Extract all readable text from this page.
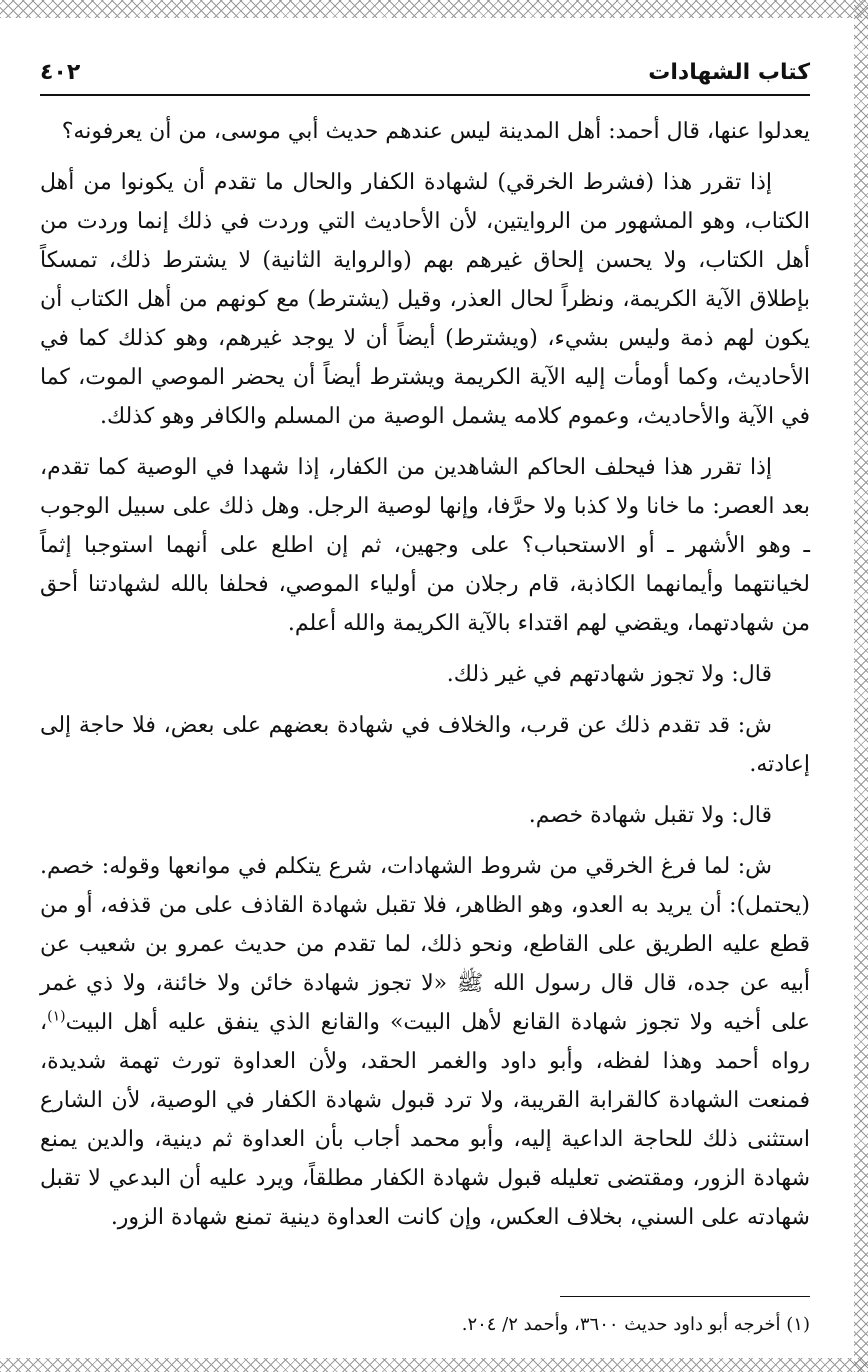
كتاب الشهادات
٤٠٢

يعدلوا عنها، قال أحمد: أهل المدينة ليس عندهم حديث أبي موسى، من أن يعرفونه؟

إذا تقرر هذا (فشرط الخرقي) لشهادة الكفار والحال ما تقدم أن يكونوا من أهل الكتاب، وهو المشهور من الروايتين، لأن الأحاديث التي وردت في ذلك إنما وردت من أهل الكتاب، ولا يحسن إلحاق غيرهم بهم (والرواية الثانية) لا يشترط ذلك، تمسكاً بإطلاق الآية الكريمة، ونظراً لحال العذر، وقيل (يشترط) مع كونهم من أهل الكتاب أن يكون لهم ذمة وليس بشيء، (ويشترط) أيضاً أن لا يوجد غيرهم، وهو كذلك كما في الأحاديث، وكما أومأت إليه الآية الكريمة ويشترط أيضاً أن يحضر الموصي الموت، كما في الآية والأحاديث، وعموم كلامه يشمل الوصية من المسلم والكافر وهو كذلك.

إذا تقرر هذا فيحلف الحاكم الشاهدين من الكفار، إذا شهدا في الوصية كما تقدم، بعد العصر: ما خانا ولا كذبا ولا حرَّفا، وإنها لوصية الرجل. وهل ذلك على سبيل الوجوب ـ وهو الأشهر ـ أو الاستحباب؟ على وجهين، ثم إن اطلع على أنهما استوجبا إثماً لخيانتهما وأيمانهما الكاذبة، قام رجلان من أولياء الموصي، فحلفا بالله لشهادتنا أحق من شهادتهما، ويقضي لهم اقتداء بالآية الكريمة والله أعلم.

قال: ولا تجوز شهادتهم في غير ذلك.

ش: قد تقدم ذلك عن قرب، والخلاف في شهادة بعضهم على بعض، فلا حاجة إلى إعادته.

قال: ولا تقبل شهادة خصم.

ش: لما فرغ الخرقي من شروط الشهادات، شرع يتكلم في موانعها وقوله: خصم. (يحتمل): أن يريد به العدو، وهو الظاهر، فلا تقبل شهادة القاذف على من قذفه، أو من قطع عليه الطريق على القاطع، ونحو ذلك، لما تقدم من حديث عمرو بن شعيب عن أبيه عن جده، قال قال رسول الله ﷺ «لا تجوز شهادة خائن ولا خائنة، ولا ذي غمر على أخيه ولا تجوز شهادة القانع لأهل البيت» والقانع الذي ينفق عليه أهل البيت$^{(١)}$، رواه أحمد وهذا لفظه، وأبو داود والغمر الحقد، ولأن العداوة تورث تهمة شديدة، فمنعت الشهادة كالقرابة القريبة، ولا ترد قبول شهادة الكفار في الوصية، لأن الشارع استثنى ذلك للحاجة الداعية إليه، وأبو محمد أجاب بأن العداوة ثم دينية، والدين يمنع شهادة الزور، ومقتضى تعليله قبول شهادة الكفار مطلقاً، ويرد عليه أن البدعي لا تقبل شهادته على السني، بخلاف العكس، وإن كانت العداوة دينية تمنع شهادة الزور.

(١) أخرجه أبو داود حديث ٣٦٠٠، وأحمد ٢/ ٢٠٤.
